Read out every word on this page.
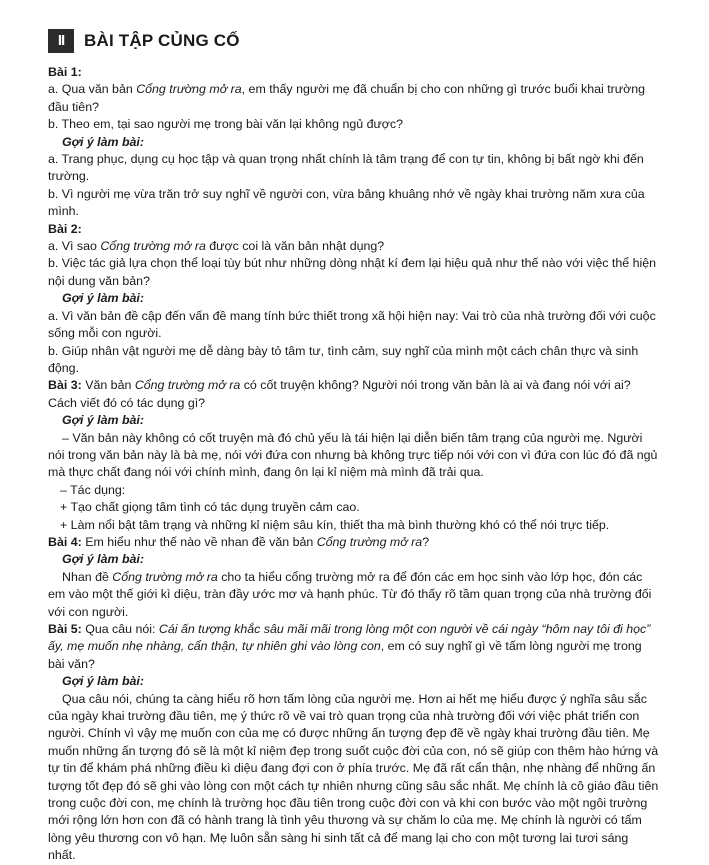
II	BÀI TẬP CỦNG CỐ

Bài 1:

a. Qua văn bản Cổng trường mở ra, em thấy người mẹ đã chuẩn bị cho con những gì trước buổi khai trường đầu tiên?

b. Theo em, tại sao người mẹ trong bài văn lại không ngủ được?

Gợi ý làm bài:

a. Trang phục, dụng cụ học tập và quan trọng nhất chính là tâm trạng để con tự tin, không bị bất ngờ khi đến trường.

b. Vì người mẹ vừa trăn trở suy nghĩ về người con, vừa bâng khuâng nhớ về ngày khai trường năm xưa của mình.

Bài 2:

a. Vì sao Cổng trường mở ra được coi là văn bản nhật dụng?

b. Việc tác giả lựa chọn thể loại tùy bút như những dòng nhật kí đem lại hiệu quả như thế nào với việc thể hiện nội dung văn bản?

Gợi ý làm bài:

a. Vì văn bản đề cập đến vấn đề mang tính bức thiết trong xã hội hiện nay: Vai trò của nhà trường đối với cuộc sống mỗi con người.

b. Giúp nhân vật người mẹ dễ dàng bày tỏ tâm tư, tình cảm, suy nghĩ của mình một cách chân thực và sinh động.

Bài 3: Văn bản Cổng trường mở ra có cốt truyện không? Người nói trong văn bản là ai và đang nói với ai? Cách viết đó có tác dụng gì?

Gợi ý làm bài:

– Văn bản này không có cốt truyện mà đó chủ yếu là tái hiện lại diễn biến tâm trạng của người mẹ. Người nói trong văn bản này là bà mẹ, nói với đứa con nhưng bà không trực tiếp nói với con vì đứa con lúc đó đã ngủ mà thực chất đang nói với chính mình, đang ôn lại kỉ niệm mà mình đã trải qua.

– Tác dụng:

+ Tạo chất giọng tâm tình có tác dụng truyền cảm cao.

+ Làm nổi bật tâm trạng và những kỉ niệm sâu kín, thiết tha mà bình thường khó có thể nói trực tiếp.

Bài 4: Em hiểu như thế nào về nhan đề văn bản Cổng trường mở ra?

Gợi ý làm bài:

Nhan đề Cổng trường mở ra cho ta hiểu cổng trường mở ra để đón các em học sinh vào lớp học, đón các em vào một thế giới kì diệu, tràn đầy ước mơ và hạnh phúc. Từ đó thấy rõ tầm quan trọng của nhà trường đối với con người.

Bài 5: Qua câu nói: Cái ấn tượng khắc sâu mãi mãi trong lòng một con người về cái ngày “hôm nay tôi đi học” ấy, mẹ muốn nhẹ nhàng, cẩn thận, tự nhiên ghi vào lòng con, em có suy nghĩ gì về tấm lòng người mẹ trong bài văn?

Gợi ý làm bài:

Qua câu nói, chúng ta càng hiểu rõ hơn tấm lòng của người mẹ. Hơn ai hết mẹ hiểu được ý nghĩa sâu sắc của ngày khai trường đầu tiên, mẹ ý thức rõ về vai trò quan trọng của nhà trường đối với việc phát triển con người. Chính vì vậy mẹ muốn con của mẹ có được những ấn tượng đẹp đẽ về ngày khai trường đầu tiên. Mẹ muốn những ấn tượng đó sẽ là một kỉ niệm đẹp trong suốt cuộc đời của con, nó sẽ giúp con thêm hào hứng và tự tin để khám phá những điều kì diệu đang đợi con ở phía trước. Mẹ đã rất cẩn thận, nhẹ nhàng để những ấn tượng tốt đẹp đó sẽ ghi vào lòng con một cách tự nhiên nhưng cũng sâu sắc nhất. Mẹ chính là cô giáo đầu tiên trong cuộc đời con, mẹ chính là trường học đầu tiên trong cuộc đời con và khi con bước vào một ngôi trường mới rộng lớn hơn con đã có hành trang là tình yêu thương và sự chăm lo của mẹ. Mẹ chính là người có tấm lòng yêu thương con vô hạn. Mẹ luôn sẵn sàng hi sinh tất cả để mang lại cho con một tương lai tươi sáng nhất.
